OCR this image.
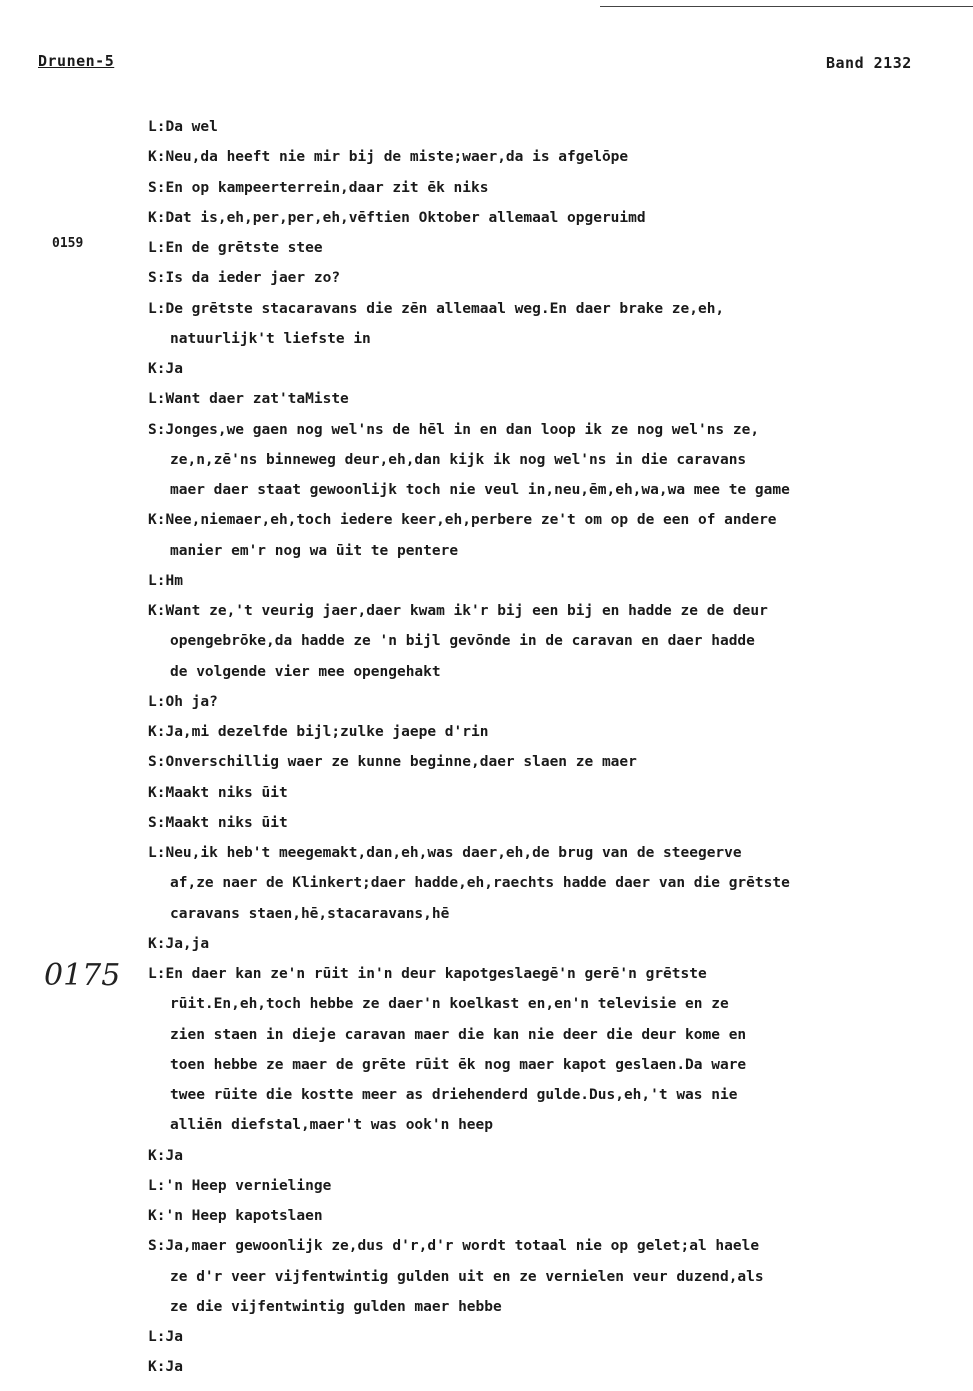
Drunen-5	Band 2132
0159
0175
L:Da wel
K:Neu,da heeft nie mir bij de miste;waer,da is afgelōpe
S:En op kampeerterrein,daar zit ēk niks
K:Dat is,eh,per,per,eh,vēftien Oktober allemaal opgeruimd
L:En de grētste stee
S:Is da ieder jaer zo?
L:De grētste stacaravans die zēn allemaal weg.En daer brake ze,eh,
natuurlijk't liefste in
K:Ja
L:Want daer zat'taMiste
S:Jonges,we gaen nog wel'ns de hēl in en dan loop ik ze nog wel'ns ze,
ze,n,zē'ns binneweg deur,eh,dan kijk ik nog wel'ns in die caravans
maer daer staat gewoonlijk toch nie veul in,neu,ēm,eh,wa,wa mee te game
K:Nee,niemaer,eh,toch iedere keer,eh,perbere ze't om op de een of andere
manier em'r nog wa ūit te pentere
L:Hm
K:Want ze,'t veurig jaer,daer kwam ik'r bij een bij en hadde ze de deur
opengebrōke,da hadde ze 'n bijl gevōnde in de caravan en daer hadde
de volgende vier mee opengehakt
L:Oh ja?
K:Ja,mi dezelfde bijl;zulke jaepe d'rin
S:Onverschillig waer ze kunne beginne,daer slaen ze maer
K:Maakt niks ūit
S:Maakt niks ūit
L:Neu,ik heb't meegemakt,dan,eh,was daer,eh,de brug van de steegerve
af,ze naer de Klinkert;daer hadde,eh,raechts hadde daer van die grētste
caravans staen,hē,stacaravans,hē
K:Ja,ja
L:En daer kan ze'n rūit in'n deur kapotgeslaegē'n gerē'n grētste
rūit.En,eh,toch hebbe ze daer'n koelkast en,en'n televisie en ze
zien staen in dieje caravan maer die kan nie deer die deur kome en
toen hebbe ze maer de grēte rūit ēk nog maer kapot geslaen.Da ware
twee rūite die kostte meer as driehenderd gulde.Dus,eh,'t was nie
alliēn diefstal,maer't was ook'n heep
K:Ja
L:'n Heep vernielinge
K:'n Heep kapotslaen
S:Ja,maer gewoonlijk ze,dus d'r,d'r wordt totaal nie op gelet;al haele
ze d'r veer vijfentwintig gulden uit en ze vernielen veur duzend,als
ze die vijfentwintig gulden maer hebbe
L:Ja
K:Ja
